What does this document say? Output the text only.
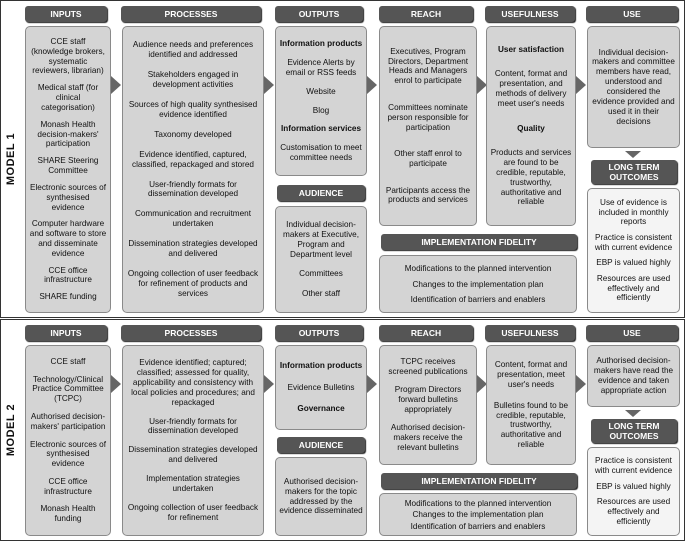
MODEL 1
INPUTS	PROCESSES	OUTPUTS	REACH	USEFULNESS	USE
CCE staff (knowledge brokers, systematic reviewers, librarian)
Medical staff (for clinical categorisation)
Monash Health decision-makers' participation
SHARE Steering Committee
Electronic sources of synthesised evidence
Computer hardware and software to store and disseminate evidence
CCE office infrastructure
SHARE funding
Audience needs and preferences identified and addressed
Stakeholders engaged in development activities
Sources of high quality synthesised evidence identified
Taxonomy developed
Evidence identified, captured, classified, repackaged and stored
User-friendly formats for dissemination developed
Communication and recruitment undertaken
Dissemination strategies developed and delivered
Ongoing collection of user feedback for refinement of products and services
Information products
Evidence Alerts by email or RSS feeds
Website
Blog
Information services
Customisation to meet committee needs
AUDIENCE
Individual decision-makers at Executive, Program and Department level
Committees
Other staff
Executives, Program Directors, Department Heads and Managers enrol to participate
Committees nominate person responsible for participation
Other staff enrol to participate
Participants access the products and services
User satisfaction
Content, format and presentation, and methods of delivery meet user's needs
Quality
Products and services are found to be credible, reputable, trustworthy, authoritative and reliable
Individual decision-makers and committee members have read, understood and considered the evidence provided and used it in their decisions
LONG TERM OUTCOMES
Use of evidence is included in monthly reports
Practice is consistent with current evidence
EBP is valued highly
Resources are used effectively and efficiently
IMPLEMENTATION FIDELITY
Modifications to the planned intervention
Changes to the implementation plan
Identification of barriers and enablers
MODEL 2
INPUTS	PROCESSES	OUTPUTS	REACH	USEFULNESS	USE
CCE staff
Technology/Clinical Practice Committee (TCPC)
Authorised decision-makers' participation
Electronic sources of synthesised evidence
CCE office infrastructure
Monash Health funding
Evidence identified; captured; classified; assessed for quality, applicability and consistency with local policies and procedures; and repackaged
User-friendly formats for dissemination developed
Dissemination strategies developed and delivered
Implementation strategies undertaken
Ongoing collection of user feedback for refinement
Information products
Evidence Bulletins
Governance
AUDIENCE
Authorised decision-makers for the topic addressed by the evidence disseminated
TCPC receives screened publications
Program Directors forward bulletins appropriately
Authorised decision-makers receive the relevant bulletins
Content, format and presentation, meet user's needs
Bulletins found to be credible, reputable, trustworthy, authoritative and reliable
Authorised decision-makers have read the evidence and taken appropriate action
LONG TERM OUTCOMES
Practice is consistent with current evidence
EBP is valued highly
Resources are used effectively and efficiently
IMPLEMENTATION FIDELITY
Modifications to the planned intervention
Changes to the implementation plan
Identification of barriers and enablers
